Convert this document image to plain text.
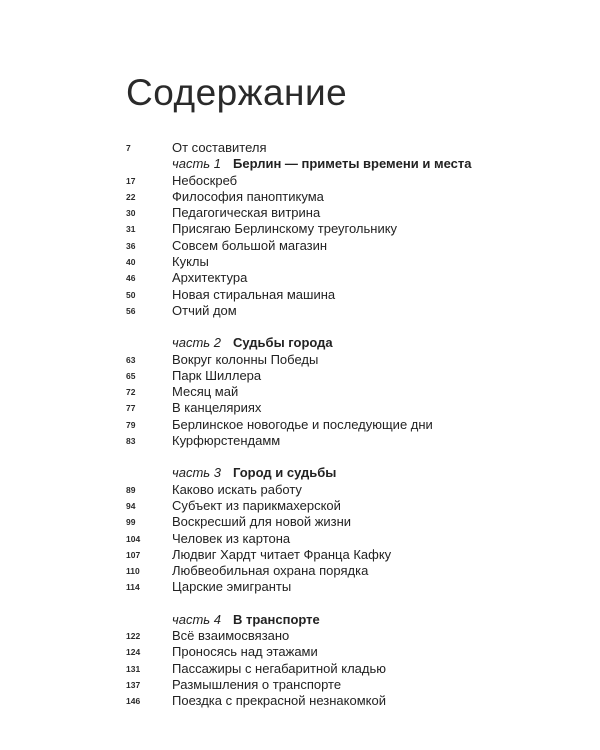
Содержание
7	От составителя
часть 1 Берлин — приметы времени и места
17	Небоскреб
22	Философия паноптикума
30	Педагогическая витрина
31	Присягаю Берлинскому треугольнику
36	Совсем большой магазин
40	Куклы
46	Архитектура
50	Новая стиральная машина
56	Отчий дом
часть 2 Судьбы города
63	Вокруг колонны Победы
65	Парк Шиллера
72	Месяц май
77	В канцеляриях
79	Берлинское новогодье и последующие дни
83	Курфюрстендамм
часть 3 Город и судьбы
89	Каково искать работу
94	Субъект из парикмахерской
99	Воскресший для новой жизни
104 Человек из картона
107 Людвиг Хардт читает Франца Кафку
110 Любвеобильная охрана порядка
114 Царские эмигранты
часть 4 В транспорте
122 Всё взаимосвязано
124 Проносясь над этажами
131 Пассажиры с негабаритной кладью
137 Размышления о транспорте
146 Поездка с прекрасной незнакомкой
